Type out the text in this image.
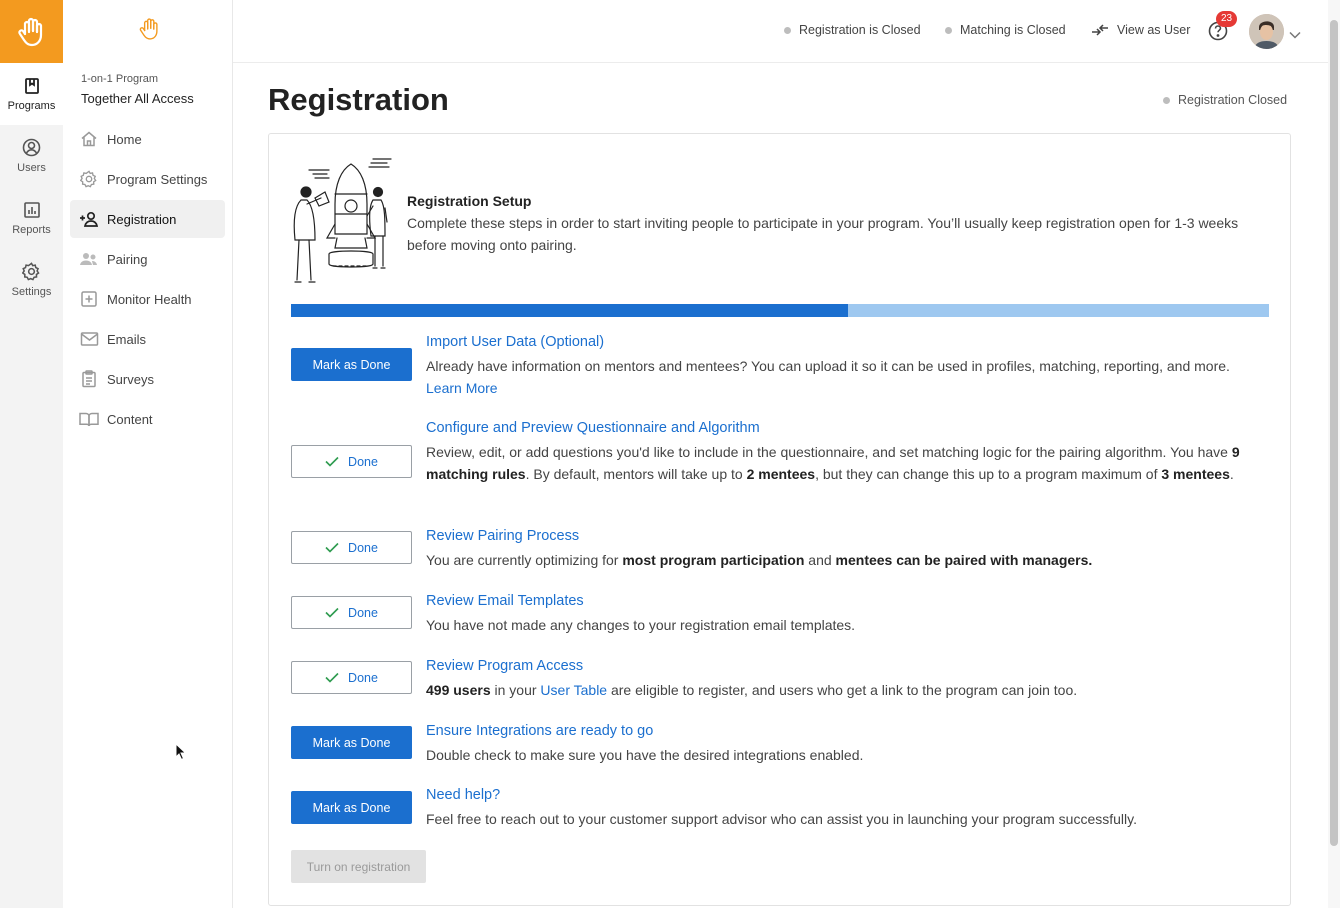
Programs
Users
Reports
Settings
1-on-1 Program
Together All Access
Home
Program Settings
Registration
Pairing
Monitor Health
Emails
Surveys
Content
Registration is Closed	Matching is Closed	View as User
23
Registration	Registration Closed
Registration Setup
Complete these steps in order to start inviting people to participate in your program. You’ll usually keep registration open for 1-3 weeks before moving onto pairing.
Mark as Done
Import User Data (Optional)
Already have information on mentors and mentees? You can upload it so it can be used in profiles, matching, reporting, and more.
Learn More
Done
Configure and Preview Questionnaire and Algorithm
Review, edit, or add questions you'd like to include in the questionnaire, and set matching logic for the pairing algorithm. You have 9 matching rules. By default, mentors will take up to 2 mentees, but they can change this up to a program maximum of 3 mentees.
Done
Review Pairing Process
You are currently optimizing for most program participation and mentees can be paired with managers.
Done
Review Email Templates
You have not made any changes to your registration email templates.
Done
Review Program Access
499 users in your User Table are eligible to register, and users who get a link to the program can join too.
Mark as Done
Ensure Integrations are ready to go
Double check to make sure you have the desired integrations enabled.
Mark as Done
Need help?
Feel free to reach out to your customer support advisor who can assist you in launching your program successfully.
Turn on registration
